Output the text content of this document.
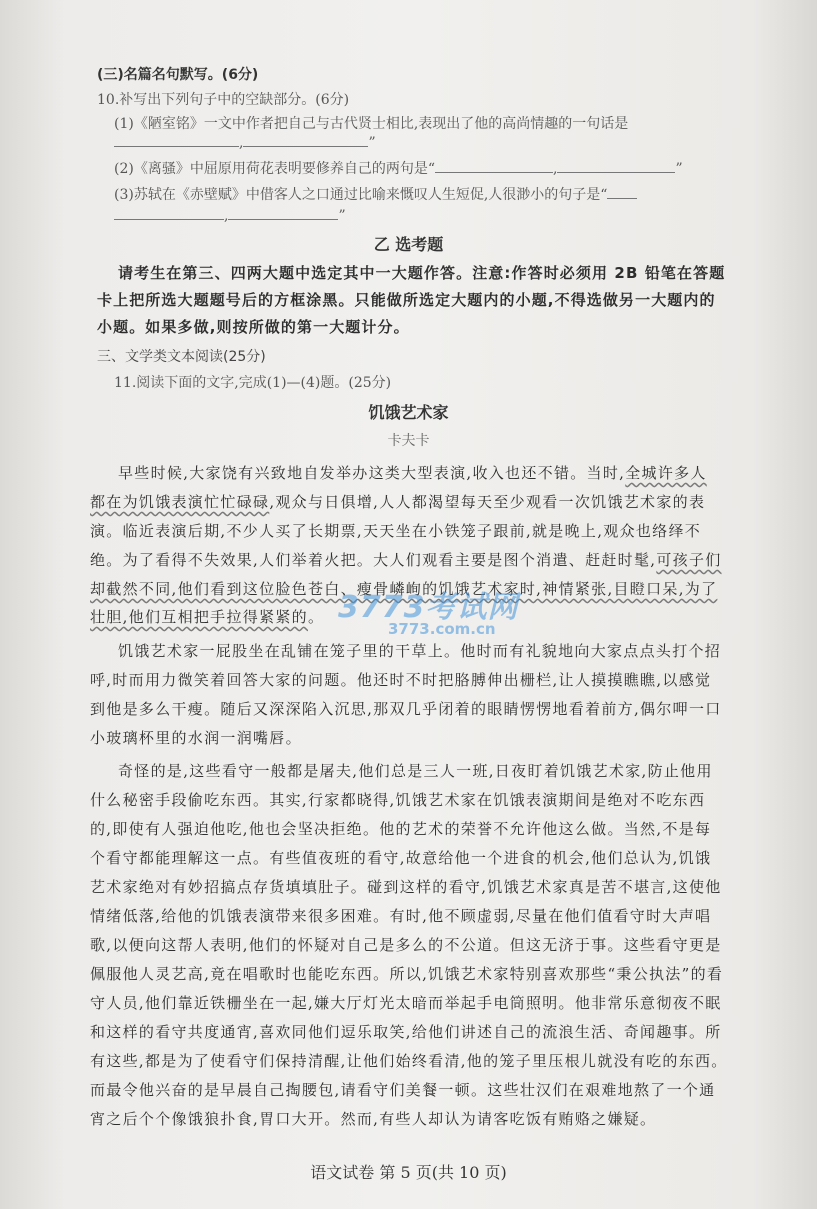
(三)名篇名句默写。(6分)
10.补写出下列句子中的空缺部分。(6分)
(1)《陋室铭》一文中作者把自己与古代贤士相比,表现出了他的高尚情趣的一句话是
,	”
(2)《离骚》中屈原用荷花表明要修养自己的两句是“	,	”
(3)苏轼在《赤壁赋》中借客人之口通过比喻来慨叹人生短促,人很渺小的句子是“
,	”
乙 选考题
请考生在第三、四两大题中选定其中一大题作答。注意:作答时必须用 2B 铅笔在答题
卡上把所选大题题号后的方框涂黑。只能做所选定大题内的小题,不得选做另一大题内的
小题。如果多做,则按所做的第一大题计分。
三、文学类文本阅读(25分)
11.阅读下面的文字,完成(1)—(4)题。(25分)
饥饿艺术家
卡夫卡
早些时候,大家饶有兴致地自发举办这类大型表演,收入也还不错。当时,全城许多人
都在为饥饿表演忙忙碌碌,观众与日俱增,人人都渴望每天至少观看一次饥饿艺术家的表
演。临近表演后期,不少人买了长期票,天天坐在小铁笼子跟前,就是晚上,观众也络绎不
绝。为了看得不失效果,人们举着火把。大人们观看主要是图个消遣、赶赶时髦,可孩子们
却截然不同,他们看到这位脸色苍白、瘦骨嶙峋的饥饿艺术家时,神情紧张,目瞪口呆,为了
壮胆,他们互相把手拉得紧紧的。 3773考试网
3773.com.cn
饥饿艺术家一屁股坐在乱铺在笼子里的干草上。他时而有礼貌地向大家点点头打个招
呼,时而用力微笑着回答大家的问题。他还时不时把胳膊伸出栅栏,让人摸摸瞧瞧,以感觉
到他是多么干瘦。随后又深深陷入沉思,那双几乎闭着的眼睛愣愣地看着前方,偶尔呷一口
小玻璃杯里的水润一润嘴唇。
奇怪的是,这些看守一般都是屠夫,他们总是三人一班,日夜盯着饥饿艺术家,防止他用
什么秘密手段偷吃东西。其实,行家都晓得,饥饿艺术家在饥饿表演期间是绝对不吃东西
的,即使有人强迫他吃,他也会坚决拒绝。他的艺术的荣誉不允许他这么做。当然,不是每
个看守都能理解这一点。有些值夜班的看守,故意给他一个进食的机会,他们总认为,饥饿
艺术家绝对有妙招搞点存货填填肚子。碰到这样的看守,饥饿艺术家真是苦不堪言,这使他
情绪低落,给他的饥饿表演带来很多困难。有时,他不顾虚弱,尽量在他们值看守时大声唱
歌,以便向这帮人表明,他们的怀疑对自己是多么的不公道。但这无济于事。这些看守更是
佩服他人灵艺高,竟在唱歌时也能吃东西。所以,饥饿艺术家特别喜欢那些“秉公执法”的看
守人员,他们靠近铁栅坐在一起,嫌大厅灯光太暗而举起手电筒照明。他非常乐意彻夜不眠
和这样的看守共度通宵,喜欢同他们逗乐取笑,给他们讲述自己的流浪生活、奇闻趣事。所
有这些,都是为了使看守们保持清醒,让他们始终看清,他的笼子里压根儿就没有吃的东西。
而最令他兴奋的是早晨自己掏腰包,请看守们美餐一顿。这些壮汉们在艰难地熬了一个通
宵之后个个像饿狼扑食,胃口大开。然而,有些人却认为请客吃饭有贿赂之嫌疑。
语文试卷 第 5 页(共 10 页)
